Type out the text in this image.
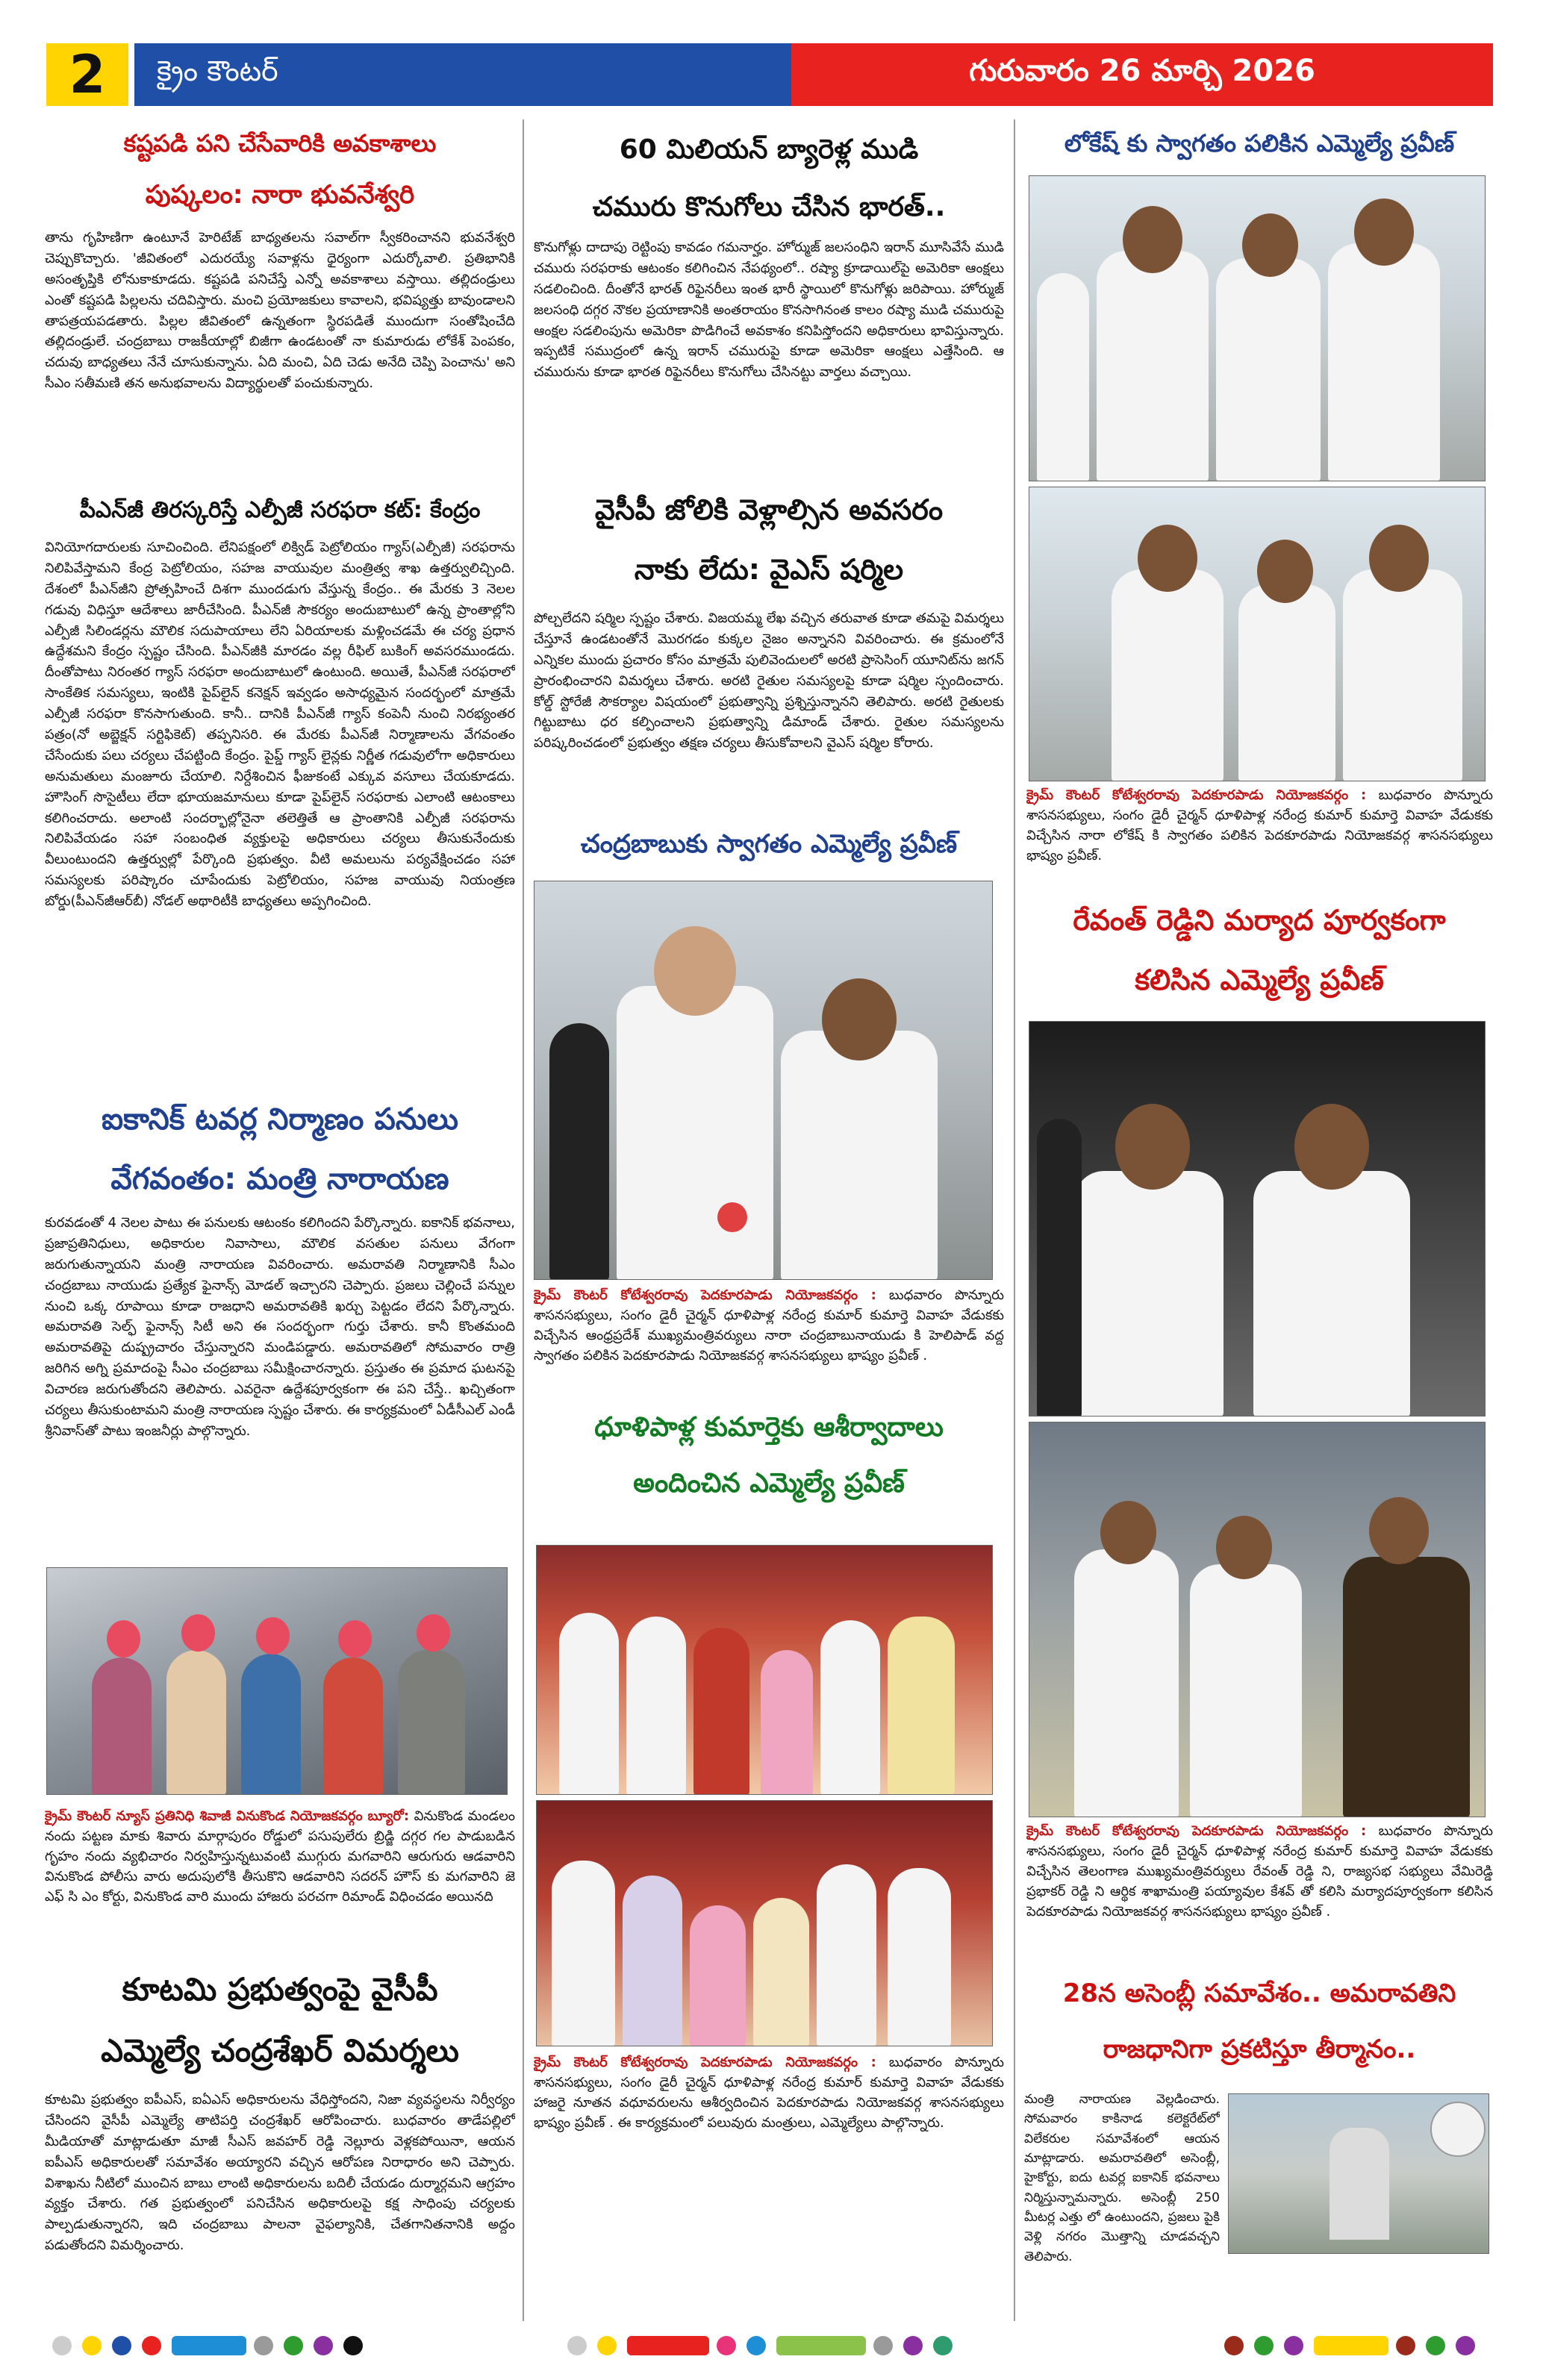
2	క్రైం కౌంటర్	గురువారం 26 మార్చి 2026
కష్టపడి పని చేసేవారికి అవకాశాలు
పుష్కలం: నారా భువనేశ్వరి
తాను గృహిణిగా ఉంటూనే హెరిటేజ్ బాధ్యతలను సవాల్‌గా స్వీకరించానని భువనేశ్వరి చెప్పుకొచ్చారు. 'జీవితంలో ఎదురయ్యే సవాళ్లను ధైర్యంగా ఎదుర్కోవాలి. ప్రతిభానికి అసంతృప్తికి లోనుకాకూడదు. కష్టపడి పనిచేస్తే ఎన్నో అవకాశాలు వస్తాయి. తల్లిదండ్రులు ఎంతో కష్టపడి పిల్లలను చదివిస్తారు. మంచి ప్రయోజకులు కావాలని, భవిష్యత్తు బావుండాలని తాపత్రయపడతారు. పిల్లల జీవితంలో ఉన్నతంగా స్థిరపడితే ముందుగా సంతోషించేది తల్లిదండ్రులే. చంద్రబాబు రాజకీయాల్లో బిజీగా ఉండటంతో నా కుమారుడు లోకేశ్ పెంపకం, చదువు బాధ్యతలు నేనే చూసుకున్నాను. ఏది మంచి, ఏది చెడు అనేది చెప్పి పెంచాను' అని సీఎం సతీమణి తన అనుభవాలను విద్యార్థులతో పంచుకున్నారు.
పీఎన్‌జీ తిరస్కరిస్తే ఎల్పీజీ సరఫరా కట్: కేంద్రం
వినియోగదారులకు సూచించింది. లేనిపక్షంలో లిక్విడ్ పెట్రోలియం గ్యాస్(ఎల్పీజీ) సరఫరాను నిలిపివేస్తామని కేంద్ర పెట్రోలియం, సహజ వాయువుల మంత్రిత్వ శాఖ ఉత్తర్వులిచ్చింది. దేశంలో పీఎన్‌జీని ప్రోత్సహించే దిశగా ముందడుగు వేస్తున్న కేంద్రం.. ఈ మేరకు 3 నెలల గడువు విధిస్తూ ఆదేశాలు జారీచేసింది. పీఎన్‌జీ సౌకర్యం అందుబాటులో ఉన్న ప్రాంతాల్లోని ఎల్పీజీ సిలిండర్లను మౌలిక సదుపాయాలు లేని ఏరియాలకు మళ్లించడమే ఈ చర్య ప్రధాన ఉద్దేశమని కేంద్రం స్పష్టం చేసింది. పీఎన్‌జీకి మారడం వల్ల రీఫిల్ బుకింగ్ అవసరముండదు. దీంతోపాటు నిరంతర గ్యాస్ సరఫరా అందుబాటులో ఉంటుంది. అయితే, పీఎన్‌జీ సరఫరాలో సాంకేతిక సమస్యలు, ఇంటికి పైప్‌లైన్ కనెక్షన్ ఇవ్వడం అసాధ్యమైన సందర్భంలో మాత్రమే ఎల్పీజీ సరఫరా కొనసాగుతుంది. కానీ.. దానికి పీఎన్‌జీ గ్యాస్ కంపెనీ నుంచి నిరభ్యంతర పత్రం(నో అబ్జెక్షన్ సర్టిఫికెట్) తప్పనిసరి. ఈ మేరకు పీఎన్‌జీ నిర్మాణాలను వేగవంతం చేసేందుకు పలు చర్యలు చేపట్టింది కేంద్రం. పైప్డ్ గ్యాస్ లైన్లకు నిర్ణీత గడువులోగా అధికారులు అనుమతులు మంజూరు చేయాలి. నిర్దేశించిన ఫీజుకంటే ఎక్కువ వసూలు చేయకూడదు. హౌసింగ్ సొసైటీలు లేదా భూయజమానులు కూడా పైప్‌లైన్ సరఫరాకు ఎలాంటి ఆటంకాలు కలిగించరాదు. అలాంటి సందర్భాల్లోనైనా తలెత్తితే ఆ ప్రాంతానికి ఎల్పీజీ సరఫరాను నిలిపివేయడం సహా సంబంధిత వ్యక్తులపై అధికారులు చర్యలు తీసుకునేందుకు వీలుంటుందని ఉత్తర్వుల్లో పేర్కొంది ప్రభుత్వం. వీటి అమలును పర్యవేక్షించడం సహా సమస్యలకు పరిష్కారం చూపేందుకు పెట్రోలియం, సహజ వాయువు నియంత్రణ బోర్డు(పీఎన్‌జీఆర్‌బీ) నోడల్ అథారిటీకి బాధ్యతలు అప్పగించింది.
ఐకానిక్ టవర్ల నిర్మాణం పనులు
వేగవంతం: మంత్రి నారాయణ
కురవడంతో 4 నెలల పాటు ఈ పనులకు ఆటంకం కలిగిందని పేర్కొన్నారు. ఐకానిక్ భవనాలు, ప్రజాప్రతినిధులు, అధికారుల నివాసాలు, మౌలిక వసతుల పనులు వేగంగా జరుగుతున్నాయని మంత్రి నారాయణ వివరించారు. అమరావతి నిర్మాణానికి సీఎం చంద్రబాబు నాయుడు ప్రత్యేక ఫైనాన్స్ మోడల్ ఇచ్చారని చెప్పారు. ప్రజలు చెల్లించే పన్నుల నుంచి ఒక్క రూపాయి కూడా రాజధాని అమరావతికి ఖర్చు పెట్టడం లేదని పేర్కొన్నారు. అమరావతి సెల్ఫ్ ఫైనాన్స్ సిటీ అని ఈ సందర్భంగా గుర్తు చేశారు. కానీ కొంతమంది అమరావతిపై దుష్ప్రచారం చేస్తున్నారని మండిపడ్డారు. అమరావతిలో సోమవారం రాత్రి జరిగిన అగ్ని ప్రమాదంపై సీఎం చంద్రబాబు సమీక్షించారన్నారు. ప్రస్తుతం ఈ ప్రమాద ఘటనపై విచారణ జరుగుతోందని తెలిపారు. ఎవరైనా ఉద్దేశపూర్వకంగా ఈ పని చేస్తే.. ఖచ్చితంగా చర్యలు తీసుకుంటామని మంత్రి నారాయణ స్పష్టం చేశారు. ఈ కార్యక్రమంలో ఏడీసీఎల్ ఎండీ శ్రీనివాస్‌తో పాటు ఇంజనీర్లు పాల్గొన్నారు.
క్రైమ్ కౌంటర్ న్యూస్ ప్రతినిధి శివాజీ వినుకొండ నియోజకవర్గం బ్యూరో: వినుకొండ మండలం నందు పట్టణ మాకు శివారు మార్గాపురం రోడ్డులో పసుపులేరు బ్రిడ్జి దగ్గర గల పాడుబడిన గృహం నందు వ్యభిచారం నిర్వహిస్తున్నటువంటి ముగ్గురు మగవారిని ఆరుగురు ఆడవారిని వినుకొండ పోలీసు వారు అదుపులోకి తీసుకొని ఆడవారిని సదరన్ హౌస్ కు మగవారిని జె ఎఫ్ సి ఎం కోర్టు, వినుకొండ వారి ముందు హాజరు పరచగా రిమాండ్ విధించడం అయినది
కూటమి ప్రభుత్వంపై వైసీపీ
ఎమ్మెల్యే చంద్రశేఖర్ విమర్శలు
కూటమి ప్రభుత్వం ఐపీఎస్, ఐఏఎస్ అధికారులను వేధిస్తోందని, నిజా వ్యవస్థలను నిర్వీర్యం చేసిందని వైసీపీ ఎమ్మెల్యే తాటిపర్తి చంద్రశేఖర్ ఆరోపించారు. బుధవారం తాడేపల్లిలో మీడియాతో మాట్లాడుతూ మాజీ సీఎస్ జవహర్ రెడ్డి నెల్లూరు వెళ్లకపోయినా, ఆయన ఐపీఎస్ అధికారులతో సమావేశం అయ్యారని వచ్చిన ఆరోపణ నిరాధారం అని చెప్పారు. విశాఖను నీటిలో ముంచిన బాబు లాంటి అధికారులను బదిలీ చేయడం దుర్మార్గమని ఆగ్రహం వ్యక్తం చేశారు. గత ప్రభుత్వంలో పనిచేసిన అధికారులపై కక్ష సాధింపు చర్యలకు పాల్పడుతున్నారని, ఇది చంద్రబాబు పాలనా వైఫల్యానికి, చేతగానితనానికి అద్దం పడుతోందని విమర్శించారు.
60 మిలియన్ బ్యారెళ్ల ముడి
చమురు కొనుగోలు చేసిన భారత్..
కొనుగోళ్లు దాదాపు రెట్టింపు కావడం గమనార్హం. హోర్ముజ్ జలసంధిని ఇరాన్ మూసివేసే ముడి చమురు సరఫరాకు ఆటంకం కలిగించిన నేపథ్యంలో.. రష్యా క్రూడాయిల్‌పై అమెరికా ఆంక్షలు సడలించింది. దీంతోనే భారత్ రిఫైనరీలు ఇంత భారీ స్థాయిలో కొనుగోళ్లు జరిపాయి. హోర్ముజ్ జలసంధి దగ్గర నౌకల ప్రయాణానికి అంతరాయం కొనసాగినంత కాలం రష్యా ముడి చమురుపై ఆంక్షల సడలింపును అమెరికా పొడిగించే అవకాశం కనిపిస్తోందని అధికారులు భావిస్తున్నారు. ఇప్పటికే సముద్రంలో ఉన్న ఇరాన్ చమురుపై కూడా అమెరికా ఆంక్షలు ఎత్తేసింది. ఆ చమురును కూడా భారత రిఫైనరీలు కొనుగోలు చేసినట్టు వార్తలు వచ్చాయి.
వైసీపీ జోలికి వెళ్లాల్సిన అవసరం
నాకు లేదు: వైఎస్ షర్మిల
పోల్చలేదని షర్మిల స్పష్టం చేశారు. విజయమ్మ లేఖ వచ్చిన తరువాత కూడా తమపై విమర్శలు చేస్తూనే ఉండటంతోనే మొరగడం కుక్కల నైజం అన్నానని వివరించారు. ఈ క్రమంలోనే ఎన్నికల ముందు ప్రచారం కోసం మాత్రమే పులివెందులలో అరటి ప్రాసెసింగ్ యూనిట్‌ను జగన్ ప్రారంభించారని విమర్శలు చేశారు. అరటి రైతుల సమస్యలపై కూడా షర్మిల స్పందించారు. కోల్డ్ స్టోరేజీ సౌకర్యాల విషయంలో ప్రభుత్వాన్ని ప్రశ్నిస్తున్నానని తెలిపారు. అరటి రైతులకు గిట్టుబాటు ధర కల్పించాలని ప్రభుత్వాన్ని డిమాండ్ చేశారు. రైతుల సమస్యలను పరిష్కరించడంలో ప్రభుత్వం తక్షణ చర్యలు తీసుకోవాలని వైఎస్ షర్మిల కోరారు.
చంద్రబాబుకు స్వాగతం ఎమ్మెల్యే ప్రవీణ్
క్రైమ్ కౌంటర్ కోటేశ్వరరావు పెదకూరపాడు నియోజకవర్గం : బుధవారం పొన్నూరు శాసనసభ్యులు, సంగం డైరీ చైర్మన్ ధూళిపాళ్ల నరేంద్ర కుమార్ కుమార్తె వివాహ వేడుకకు విచ్చేసిన ఆంధ్రప్రదేశ్ ముఖ్యమంత్రివర్యులు నారా చంద్రబాబునాయుడు కి హెలిపాడ్ వద్ద స్వాగతం పలికిన పెదకూరపాడు నియోజకవర్గ శాసనసభ్యులు భాష్యం ప్రవీణ్ .
ధూళిపాళ్ల కుమార్తెకు ఆశీర్వాదాలు
అందించిన ఎమ్మెల్యే ప్రవీణ్
క్రైమ్ కౌంటర్ కోటేశ్వరరావు పెదకూరపాడు నియోజకవర్గం : బుధవారం పొన్నూరు శాసనసభ్యులు, సంగం డైరీ చైర్మన్ ధూళిపాళ్ల నరేంద్ర కుమార్ కుమార్తె వివాహ వేడుకకు హాజరై నూతన వధూవరులను ఆశీర్వదించిన పెదకూరపాడు నియోజకవర్గ శాసనసభ్యులు భాష్యం ప్రవీణ్ . ఈ కార్యక్రమంలో పలువురు మంత్రులు, ఎమ్మెల్యేలు పాల్గొన్నారు.
లోకేష్ కు స్వాగతం పలికిన ఎమ్మెల్యే ప్రవీణ్
క్రైమ్ కౌంటర్ కోటేశ్వరరావు పెదకూరపాడు నియోజకవర్గం : బుధవారం పొన్నూరు శాసనసభ్యులు, సంగం డైరీ చైర్మన్ ధూళిపాళ్ల నరేంద్ర కుమార్ కుమార్తె వివాహ వేడుకకు విచ్చేసిన నారా లోకేష్ కి స్వాగతం పలికిన పెదకూరపాడు నియోజకవర్గ శాసనసభ్యులు భాష్యం ప్రవీణ్.
రేవంత్ రెడ్డిని మర్యాద పూర్వకంగా
కలిసిన ఎమ్మెల్యే ప్రవీణ్
క్రైమ్ కౌంటర్ కోటేశ్వరరావు పెదకూరపాడు నియోజకవర్గం : బుధవారం పొన్నూరు శాసనసభ్యులు, సంగం డైరీ చైర్మన్ ధూళిపాళ్ల నరేంద్ర కుమార్ కుమార్తె వివాహ వేడుకకు విచ్చేసిన తెలంగాణ ముఖ్యమంత్రివర్యులు రేవంత్ రెడ్డి ని, రాజ్యసభ సభ్యులు వేమిరెడ్డి ప్రభాకర్ రెడ్డి ని ఆర్థిక శాఖామంత్రి పయ్యావుల కేశవ్ తో కలిసి మర్యాదపూర్వకంగా కలిసిన పెదకూరపాడు నియోజకవర్గ శాసనసభ్యులు భాష్యం ప్రవీణ్ .
28న అసెంబ్లీ సమావేశం.. అమరావతిని
రాజధానిగా ప్రకటిస్తూ తీర్మానం..
మంత్రి నారాయణ వెల్లడించారు. సోమవారం కాకినాడ కలెక్టరేట్‌లో విలేకరుల సమావేశంలో ఆయన మాట్లాడారు. అమరావతిలో అసెంబ్లీ, హైకోర్టు, ఐదు టవర్ల ఐకానిక్ భవనాలు నిర్మిస్తున్నామన్నారు. అసెంబ్లీ 250 మీటర్ల ఎత్తు లో ఉంటుందని, ప్రజలు పైకి వెళ్లి నగరం మొత్తాన్ని చూడవచ్చని తెలిపారు.
